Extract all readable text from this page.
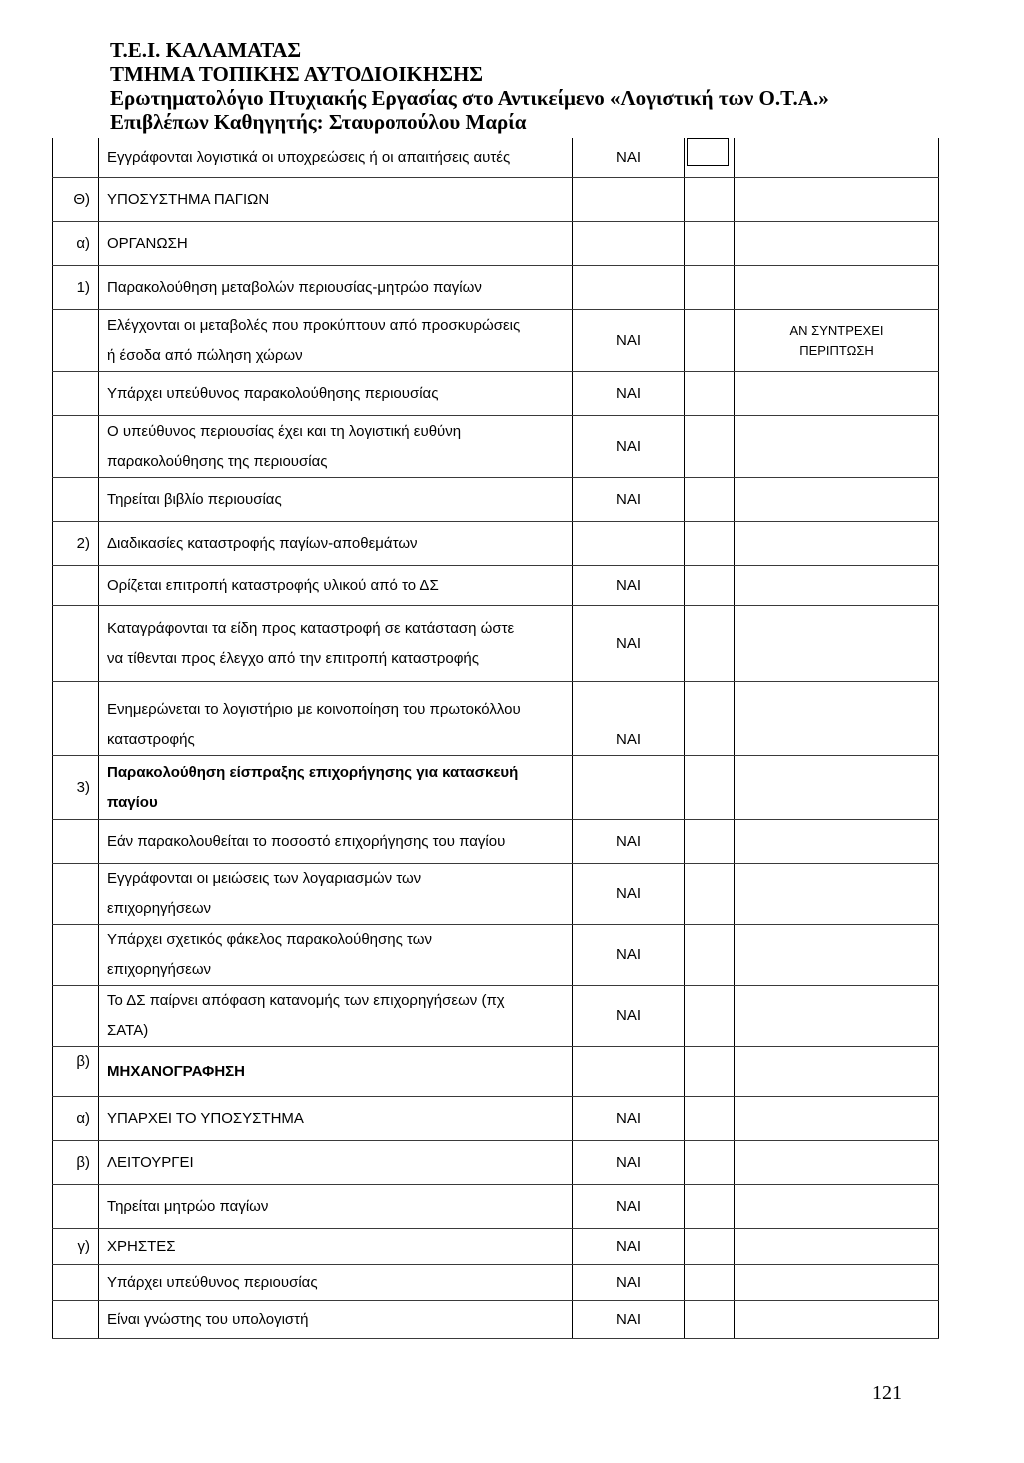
Τ.Ε.Ι. ΚΑΛΑΜΑΤΑΣ
ΤΜΗΜΑ ΤΟΠΙΚΗΣ ΑΥΤΟΔΙΟΙΚΗΣΗΣ
Ερωτηματολόγιο Πτυχιακής Εργασίας στο Αντικείμενο «Λογιστική των Ο.Τ.Α.»
Επιβλέπων Καθηγητής: Σταυροπούλου Μαρία
	Εγγράφονται λογιστικά οι υποχρεώσεις ή οι απαιτήσεις αυτές	ΝΑΙ		
Θ)	ΥΠΟΣΥΣΤΗΜΑ ΠΑΓΙΩΝ			
α)	ΟΡΓΑΝΩΣΗ			
1)	Παρακολούθηση μεταβολών περιουσίας-μητρώο παγίων			

	Ελέγχονται οι μεταβολές που προκύπτουν από προσκυρώσεις
ή έσοδα από πώληση χώρων	ΝΑΙ		ΑΝ ΣΥΝΤΡΕΧΕΙ
ΠΕΡΙΠΤΩΣΗ

	Υπάρχει υπεύθυνος παρακολούθησης περιουσίας	ΝΑΙ		

	Ο υπεύθυνος περιουσίας έχει και τη λογιστική ευθύνη
παρακολούθησης της περιουσίας	ΝΑΙ		
	Τηρείται βιβλίο περιουσίας	ΝΑΙ		
2)	Διαδικασίες καταστροφής παγίων-αποθεμάτων			
	Ορίζεται επιτροπή καταστροφής υλικού από το ΔΣ	ΝΑΙ		

	Καταγράφονται τα είδη προς καταστροφή σε κατάσταση ώστε
να τίθενται προς έλεγχο από την επιτροπή καταστροφής	ΝΑΙ		

	Ενημερώνεται το λογιστήριο με κοινοποίηση του πρωτοκόλλου
καταστροφής	ΝΑΙ		
3)	Παρακολούθηση είσπραξης επιχορήγησης για κατασκευή
παγίου			

	Εάν παρακολουθείται το ποσοστό επιχορήγησης του παγίου	ΝΑΙ		

	Εγγράφονται οι μειώσεις των λογαριασμών των
επιχορηγήσεων	ΝΑΙ		

	Υπάρχει σχετικός φάκελος παρακολούθησης των
επιχορηγήσεων	ΝΑΙ		

	Το ΔΣ παίρνει απόφαση κατανομής των επιχορηγήσεων (πχ
ΣΑΤΑ)	ΝΑΙ		
β)	ΜΗΧΑΝΟΓΡΑΦΗΣΗ			
α)	ΥΠΑΡΧΕΙ ΤΟ ΥΠΟΣΥΣΤΗΜΑ	ΝΑΙ		
β)	ΛΕΙΤΟΥΡΓΕΙ	ΝΑΙ		
	Τηρείται μητρώο παγίων	ΝΑΙ		
γ)	ΧΡΗΣΤΕΣ	ΝΑΙ		
	Υπάρχει υπεύθυνος περιουσίας	ΝΑΙ		
	Είναι γνώστης του υπολογιστή	ΝΑΙ		
121
